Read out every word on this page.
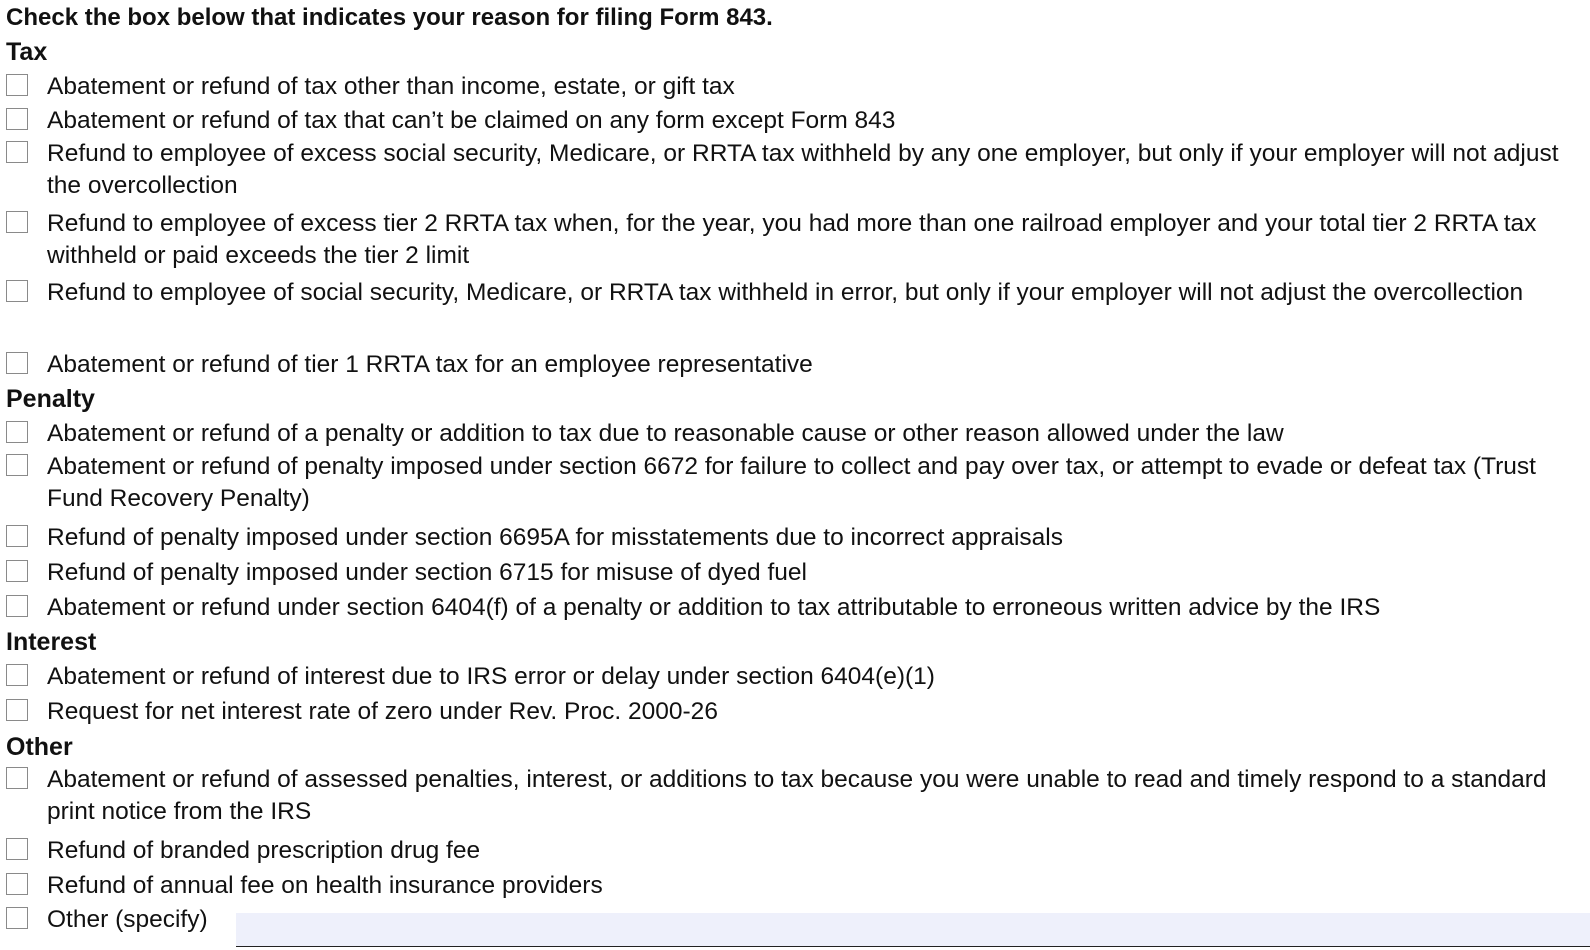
Check the box below that indicates your reason for filing Form 843.
Tax
Abatement or refund of tax other than income, estate, or gift tax
Abatement or refund of tax that can’t be claimed on any form except Form 843
Refund to employee of excess social security, Medicare, or RRTA tax withheld by any one employer, but only if your employer will not adjust the overcollection
Refund to employee of excess tier 2 RRTA tax when, for the year, you had more than one railroad employer and your total tier 2 RRTA tax withheld or paid exceeds the tier 2 limit
Refund to employee of social security, Medicare, or RRTA tax withheld in error, but only if your employer will not adjust the overcollection
Abatement or refund of tier 1 RRTA tax for an employee representative
Penalty
Abatement or refund of a penalty or addition to tax due to reasonable cause or other reason allowed under the law
Abatement or refund of penalty imposed under section 6672 for failure to collect and pay over tax, or attempt to evade or defeat tax (Trust Fund Recovery Penalty)
Refund of penalty imposed under section 6695A for misstatements due to incorrect appraisals
Refund of penalty imposed under section 6715 for misuse of dyed fuel
Abatement or refund under section 6404(f) of a penalty or addition to tax attributable to erroneous written advice by the IRS
Interest
Abatement or refund of interest due to IRS error or delay under section 6404(e)(1)
Request for net interest rate of zero under Rev. Proc. 2000-26
Other
Abatement or refund of assessed penalties, interest, or additions to tax because you were unable to read and timely respond to a standard print notice from the IRS
Refund of branded prescription drug fee
Refund of annual fee on health insurance providers
Other (specify)
